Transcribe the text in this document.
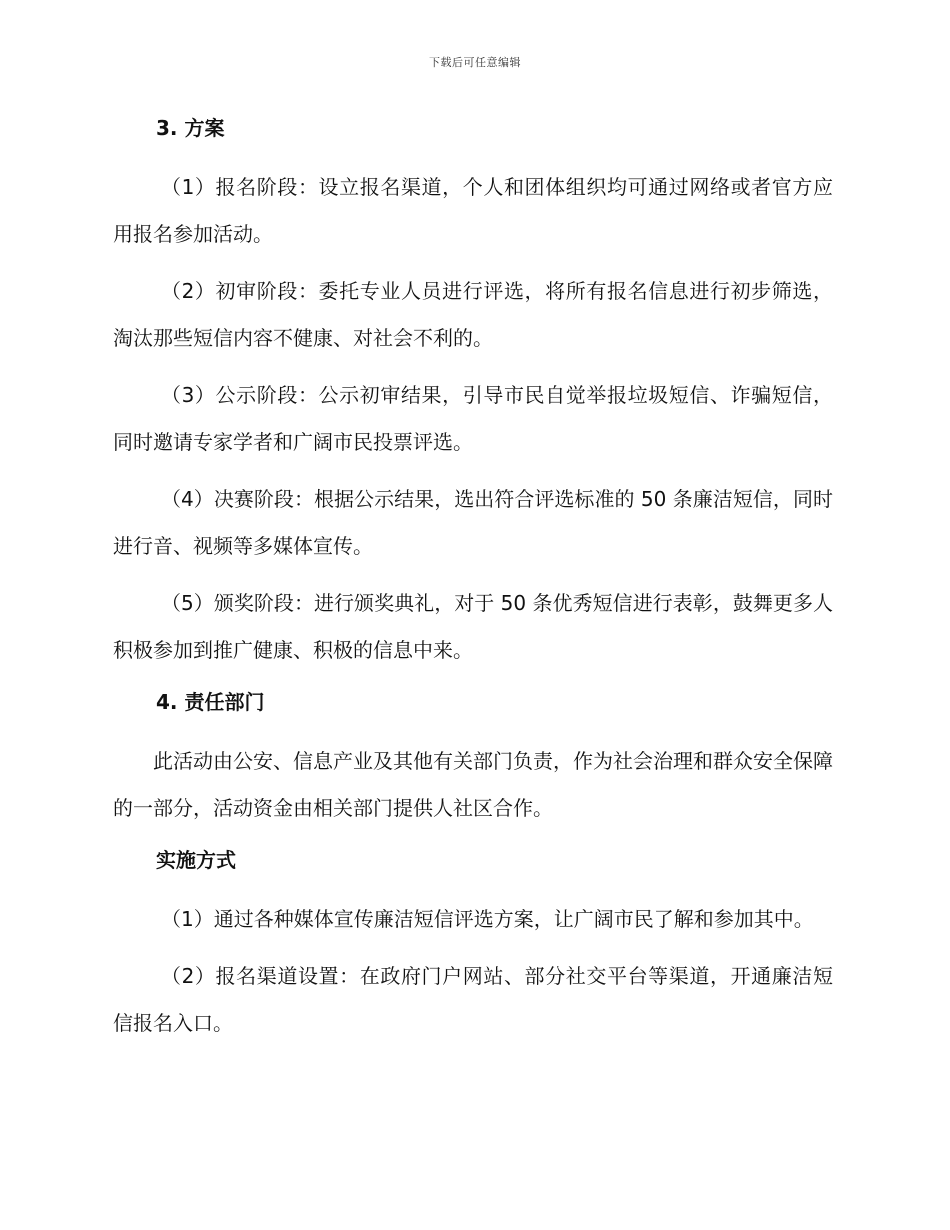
下载后可任意编辑
3. 方案

（1）报名阶段：设立报名渠道，个人和团体组织均可通过网络或者官方应用报名参加活动。

（2）初审阶段：委托专业人员进行评选，将所有报名信息进行初步筛选，淘汰那些短信内容不健康、对社会不利的。

（3）公示阶段：公示初审结果，引导市民自觉举报垃圾短信、诈骗短信，同时邀请专家学者和广阔市民投票评选。

（4）决赛阶段：根据公示结果，选出符合评选标准的 50 条廉洁短信，同时进行音、视频等多媒体宣传。

（5）颁奖阶段：进行颁奖典礼，对于 50 条优秀短信进行表彰，鼓舞更多人积极参加到推广健康、积极的信息中来。

4. 责任部门

此活动由公安、信息产业及其他有关部门负责，作为社会治理和群众安全保障的一部分，活动资金由相关部门提供人社区合作。

实施方式

（1）通过各种媒体宣传廉洁短信评选方案，让广阔市民了解和参加其中。

（2）报名渠道设置：在政府门户网站、部分社交平台等渠道，开通廉洁短信报名入口。
